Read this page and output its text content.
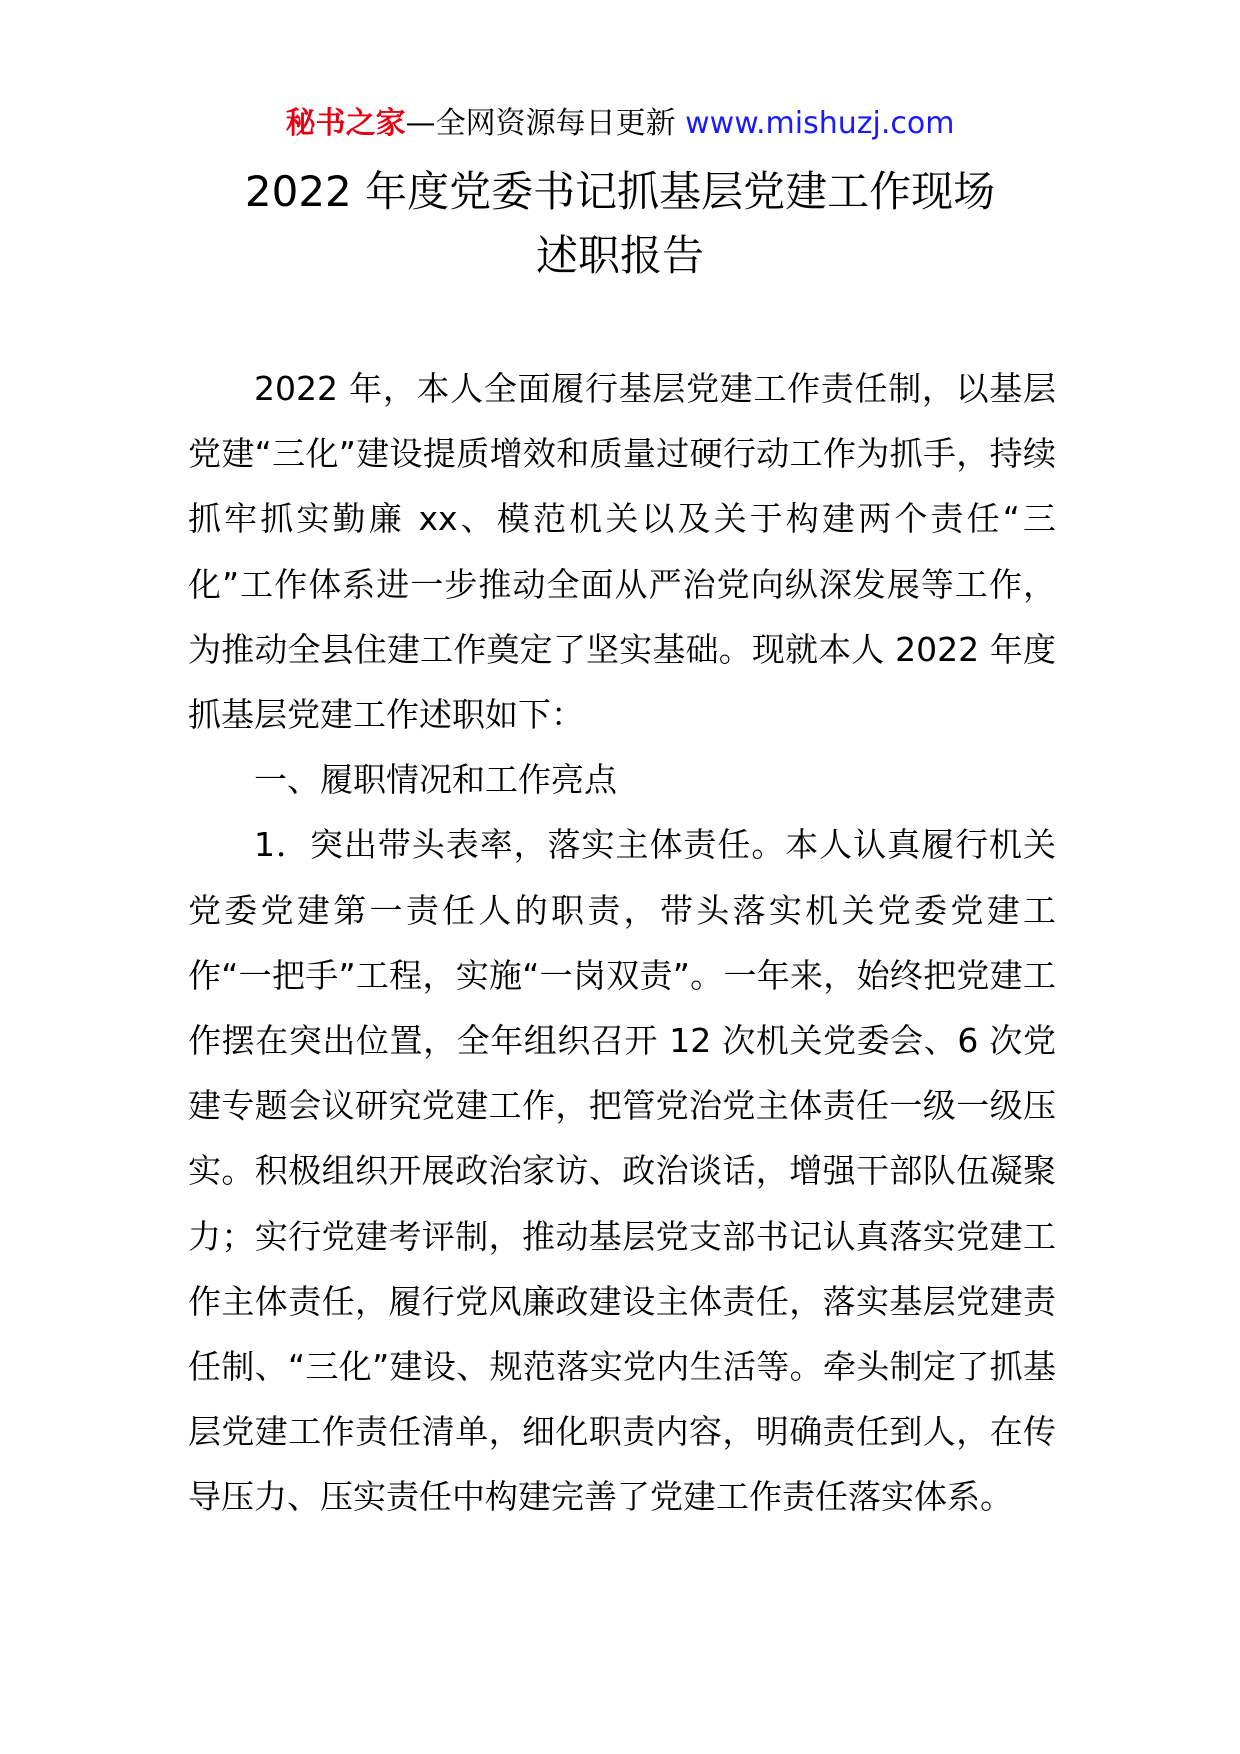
秘书之家—全网资源每日更新 www.mishuzj.com
2022 年度党委书记抓基层党建工作现场
述职报告

2022 年，本人全面履行基层党建工作责任制，以基层党建“三化”建设提质增效和质量过硬行动工作为抓手，持续抓牢抓实勤廉 xx、模范机关以及关于构建两个责任“三化”工作体系进一步推动全面从严治党向纵深发展等工作，为推动全县住建工作奠定了坚实基础。现就本人 2022 年度抓基层党建工作述职如下：

一、履职情况和工作亮点

1．突出带头表率，落实主体责任。本人认真履行机关党委党建第一责任人的职责，带头落实机关党委党建工作“一把手”工程，实施“一岗双责”。一年来，始终把党建工作摆在突出位置，全年组织召开 12 次机关党委会、6 次党建专题会议研究党建工作，把管党治党主体责任一级一级压实。积极组织开展政治家访、政治谈话，增强干部队伍凝聚力；实行党建考评制，推动基层党支部书记认真落实党建工作主体责任，履行党风廉政建设主体责任，落实基层党建责任制、“三化”建设、规范落实党内生活等。牵头制定了抓基层党建工作责任清单，细化职责内容，明确责任到人，在传导压力、压实责任中构建完善了党建工作责任落实体系。
